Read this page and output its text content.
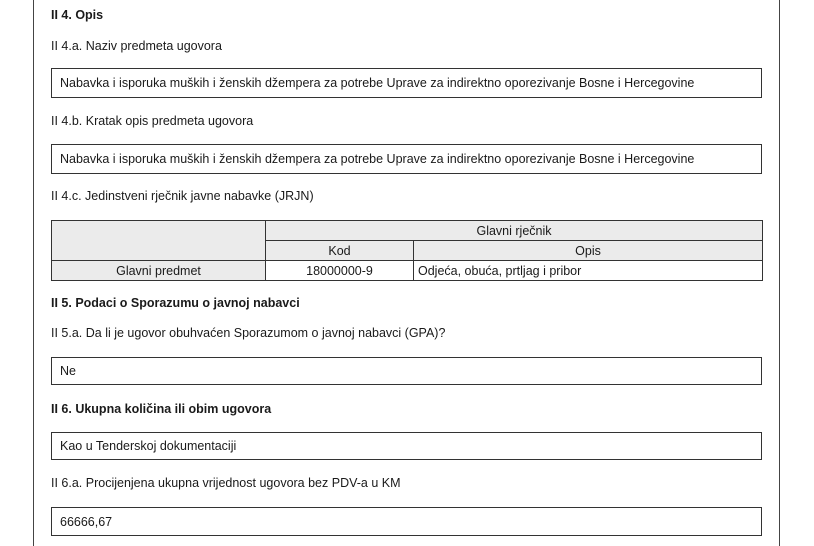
II 4. Opis
II 4.a. Naziv predmeta ugovora
Nabavka i isporuka muških i ženskih džempera za potrebe Uprave za indirektno oporezivanje Bosne i Hercegovine
II 4.b. Kratak opis predmeta ugovora
Nabavka i isporuka muških i ženskih džempera za potrebe Uprave za indirektno oporezivanje Bosne i Hercegovine
II 4.c. Jedinstveni rječnik javne nabavke (JRJN)
	Glavni rječnik	
	Kod	Opis
Glavni predmet	18000000-9	Odjeća, obuća, prtljag i pribor
II 5. Podaci o Sporazumu o javnoj nabavci
II 5.a. Da li je ugovor obuhvaćen Sporazumom o javnoj nabavci (GPA)?
Ne
II 6. Ukupna količina ili obim ugovora
Kao u Tenderskoj dokumentaciji
II 6.a. Procijenjena ukupna vrijednost ugovora bez PDV-a u KM
66666,67
